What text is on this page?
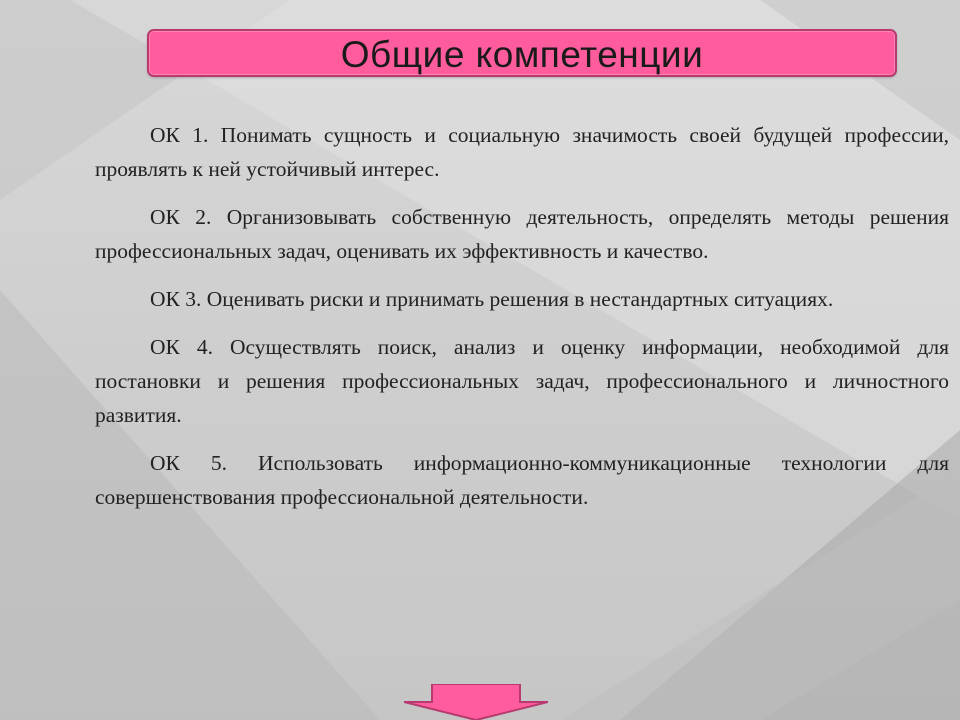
Общие компетенции

ОК 1. Понимать сущность и социальную значимость своей будущей профессии, проявлять к ней устойчивый интерес.

ОК 2. Организовывать собственную деятельность, определять методы решения профессиональных задач, оценивать их эффективность и качество.

ОК 3. Оценивать риски и принимать решения в нестандартных ситуациях.

ОК 4. Осуществлять поиск, анализ и оценку информации, необходимой для постановки и решения профессиональных задач, профессионального и личностного развития.

ОК 5. Использовать информационно-коммуникационные технологии для совершенствования профессиональной деятельности.
